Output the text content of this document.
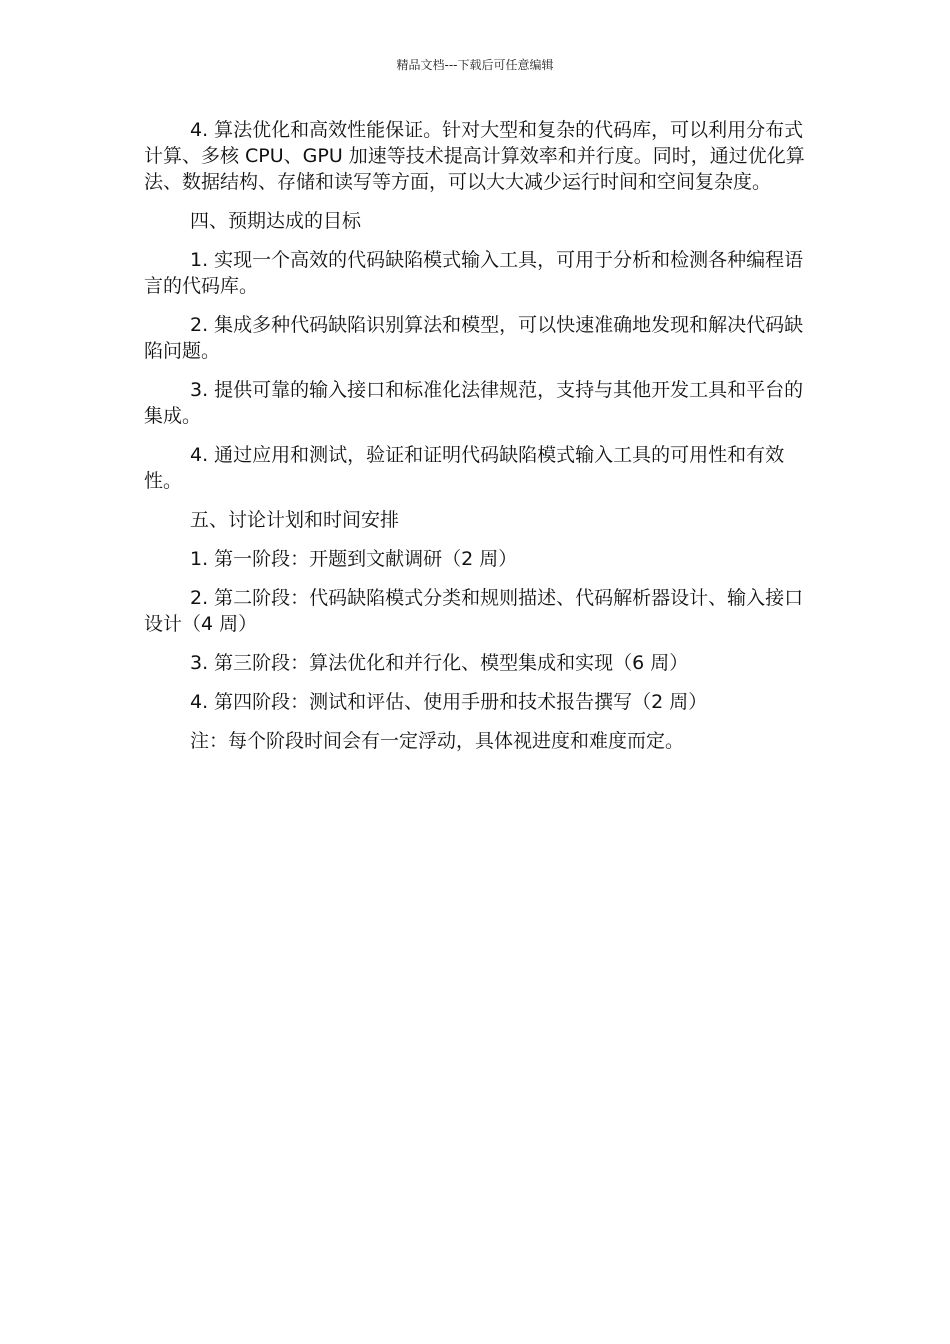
精品文档---下载后可任意编辑

4. 算法优化和高效性能保证。针对大型和复杂的代码库，可以利用分布式计算、多核 CPU、GPU 加速等技术提高计算效率和并行度。同时，通过优化算法、数据结构、存储和读写等方面，可以大大减少运行时间和空间复杂度。

四、预期达成的目标

1. 实现一个高效的代码缺陷模式输入工具，可用于分析和检测各种编程语言的代码库。

2. 集成多种代码缺陷识别算法和模型，可以快速准确地发现和解决代码缺陷问题。

3. 提供可靠的输入接口和标准化法律规范，支持与其他开发工具和平台的集成。

4. 通过应用和测试，验证和证明代码缺陷模式输入工具的可用性和有效性。

五、讨论计划和时间安排

1. 第一阶段：开题到文献调研（2 周）

2. 第二阶段：代码缺陷模式分类和规则描述、代码解析器设计、输入接口设计（4 周）

3. 第三阶段：算法优化和并行化、模型集成和实现（6 周）

4. 第四阶段：测试和评估、使用手册和技术报告撰写（2 周）

注：每个阶段时间会有一定浮动，具体视进度和难度而定。
